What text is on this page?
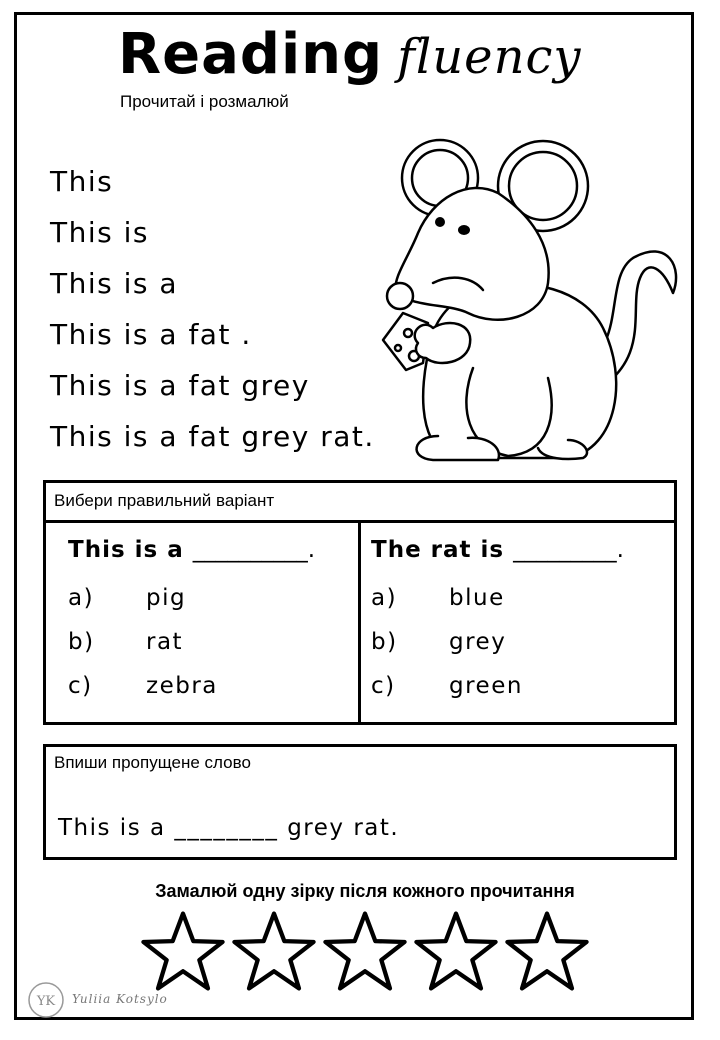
Reading fluency
Прочитай і розмалюй
This
This is
This is a
This is a fat .
This is a fat grey
This is a fat grey rat.
Вибери правильний варіант
This is a __________.
a) pig
b) rat
c) zebra
The rat is _________.
a) blue
b) grey
c) green
Впиши пропущене слово
This is a ________ grey rat.
Замалюй одну зірку після кожного прочитання
YK Yuliia Kotsylo
